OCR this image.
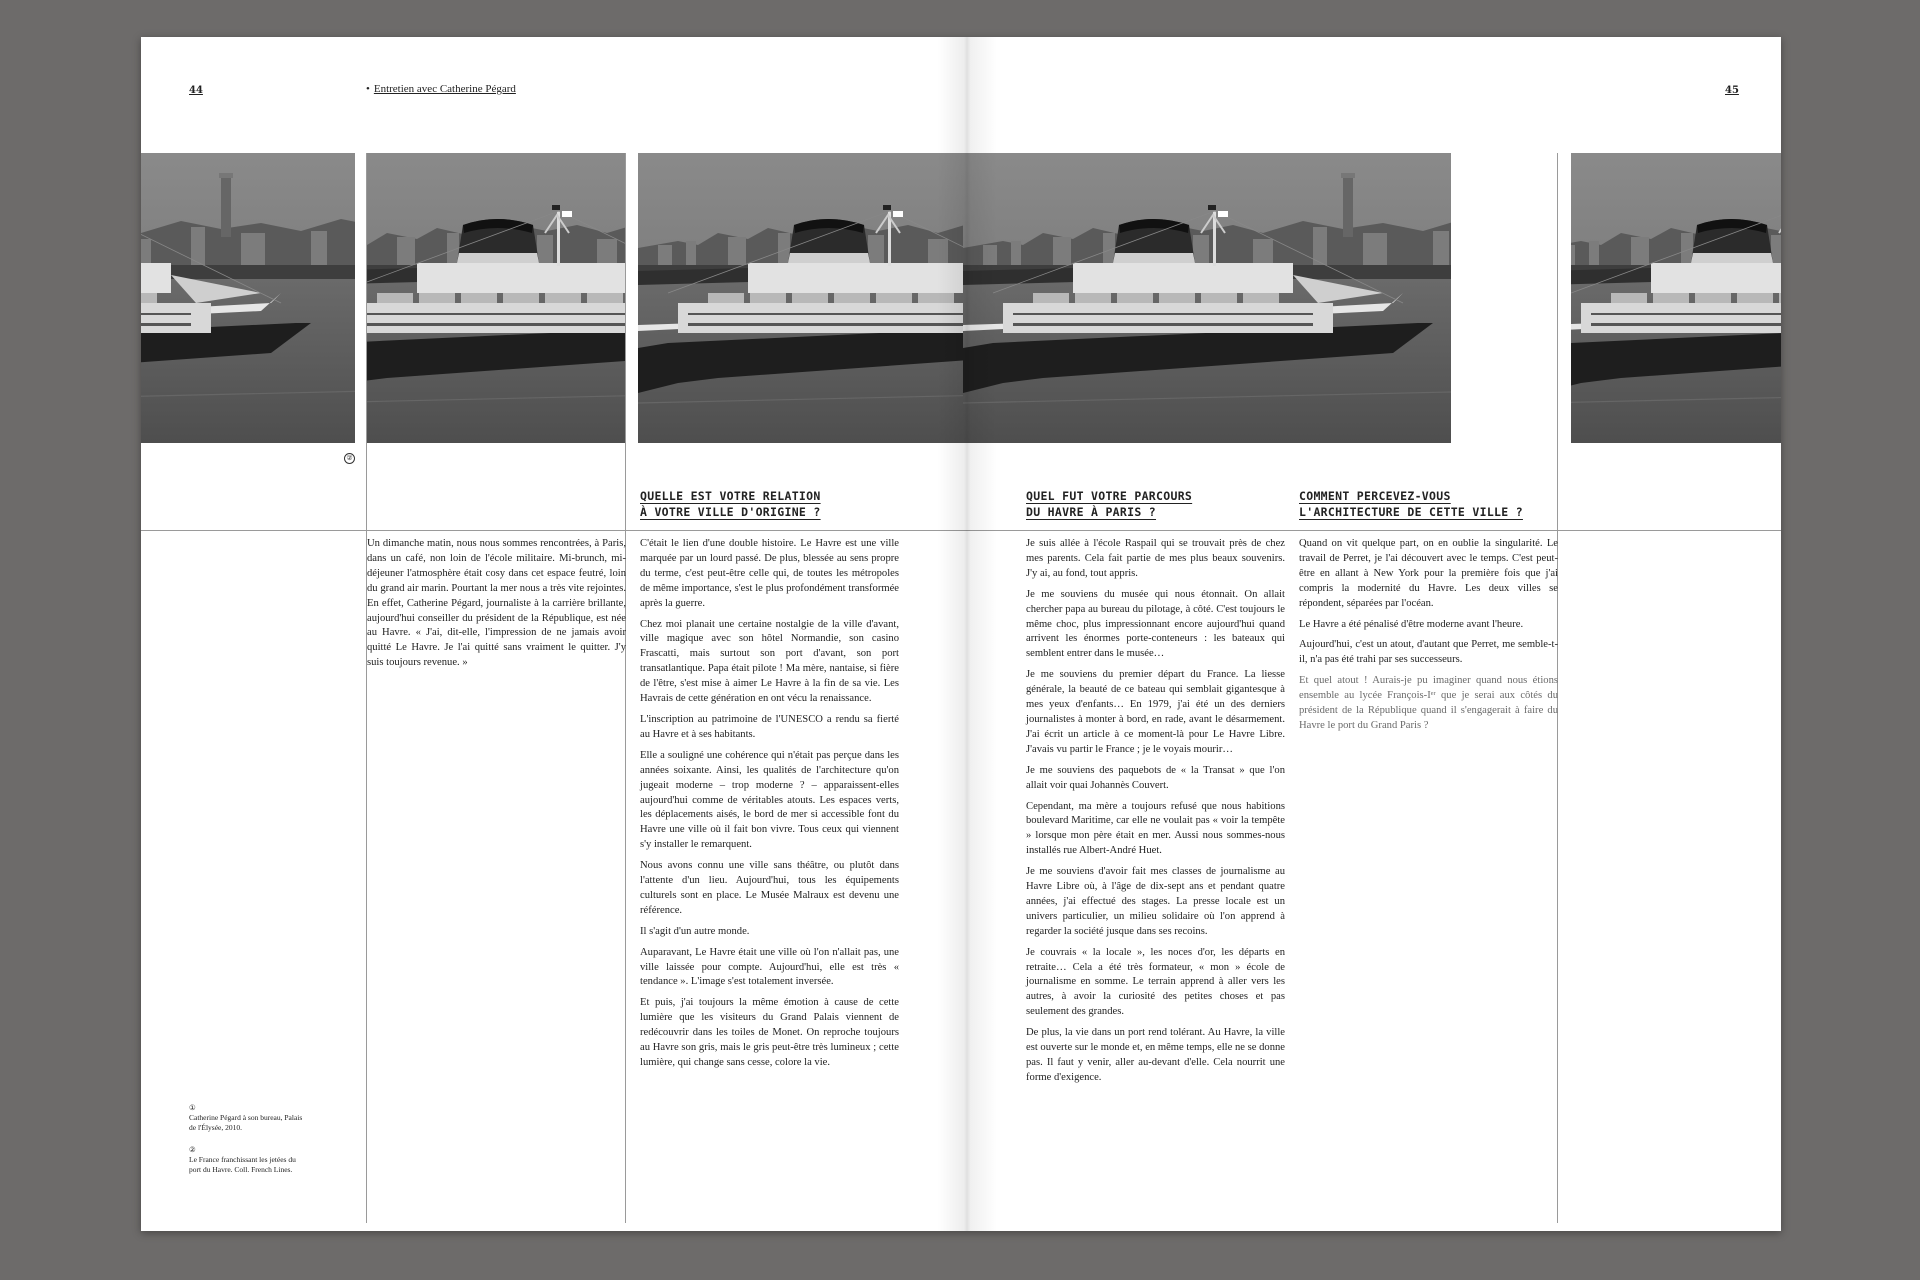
44	• Entretien avec Catherine Pégard	45
②
QUELLE EST VOTRE RELATION
À VOTRE VILLE D'ORIGINE ?
QUEL FUT VOTRE PARCOURS
DU HAVRE À PARIS ?
COMMENT PERCEVEZ-VOUS
L'ARCHITECTURE DE CETTE VILLE ?

Un dimanche matin, nous nous sommes rencontrées, à Paris, dans un café, non loin de l'école militaire. Mi-brunch, mi-déjeuner l'atmosphère était cosy dans cet espace feutré, loin du grand air marin. Pourtant la mer nous a très vite rejointes. En effet, Catherine Pégard, journaliste à la carrière brillante, aujourd'hui conseiller du président de la République, est née au Havre. « J'ai, dit-elle, l'impression de ne jamais avoir quitté Le Havre. Je l'ai quitté sans vraiment le quitter. J'y suis toujours revenue. »

C'était le lien d'une double histoire. Le Havre est une ville marquée par un lourd passé. De plus, blessée au sens propre du terme, c'est peut-être celle qui, de toutes les métropoles de même importance, s'est le plus profondément transformée après la guerre.

Chez moi planait une certaine nostalgie de la ville d'avant, ville magique avec son hôtel Normandie, son casino Frascatti, mais surtout son port d'avant, son port transatlantique. Papa était pilote ! Ma mère, nantaise, si fière de l'être, s'est mise à aimer Le Havre à la fin de sa vie. Les Havrais de cette génération en ont vécu la renaissance.

L'inscription au patrimoine de l'UNESCO a rendu sa fierté au Havre et à ses habitants.

Elle a souligné une cohérence qui n'était pas perçue dans les années soixante. Ainsi, les qualités de l'architecture qu'on jugeait moderne – trop moderne ? – apparaissent-elles aujourd'hui comme de véritables atouts. Les espaces verts, les déplacements aisés, le bord de mer si accessible font du Havre une ville où il fait bon vivre. Tous ceux qui viennent s'y installer le remarquent.

Nous avons connu une ville sans théâtre, ou plutôt dans l'attente d'un lieu. Aujourd'hui, tous les équipements culturels sont en place. Le Musée Malraux est devenu une référence.

Il s'agit d'un autre monde.

Auparavant, Le Havre était une ville où l'on n'allait pas, une ville laissée pour compte. Aujourd'hui, elle est très « tendance ». L'image s'est totalement inversée.

Et puis, j'ai toujours la même émotion à cause de cette lumière que les visiteurs du Grand Palais viennent de redécouvrir dans les toiles de Monet. On reproche toujours au Havre son gris, mais le gris peut-être très lumineux ; cette lumière, qui change sans cesse, colore la vie.

Je suis allée à l'école Raspail qui se trouvait près de chez mes parents. Cela fait partie de mes plus beaux souvenirs. J'y ai, au fond, tout appris.

Je me souviens du musée qui nous étonnait. On allait chercher papa au bureau du pilotage, à côté. C'est toujours le même choc, plus impressionnant encore aujourd'hui quand arrivent les énormes porte-conteneurs : les bateaux qui semblent entrer dans le musée…

Je me souviens du premier départ du France. La liesse générale, la beauté de ce bateau qui semblait gigantesque à mes yeux d'enfants… En 1979, j'ai été un des derniers journalistes à monter à bord, en rade, avant le désarmement. J'ai écrit un article à ce moment-là pour Le Havre Libre. J'avais vu partir le France ; je le voyais mourir…

Je me souviens des paquebots de « la Transat » que l'on allait voir quai Johannès Couvert.

Cependant, ma mère a toujours refusé que nous habitions boulevard Maritime, car elle ne voulait pas « voir la tempête » lorsque mon père était en mer. Aussi nous sommes-nous installés rue Albert-André Huet.

Je me souviens d'avoir fait mes classes de journalisme au Havre Libre où, à l'âge de dix-sept ans et pendant quatre années, j'ai effectué des stages. La presse locale est un univers particulier, un milieu solidaire où l'on apprend à regarder la société jusque dans ses recoins.

Je couvrais « la locale », les noces d'or, les départs en retraite… Cela a été très formateur, « mon » école de journalisme en somme. Le terrain apprend à aller vers les autres, à avoir la curiosité des petites choses et pas seulement des grandes.

De plus, la vie dans un port rend tolérant. Au Havre, la ville est ouverte sur le monde et, en même temps, elle ne se donne pas. Il faut y venir, aller au-devant d'elle. Cela nourrit une forme d'exigence.

Quand on vit quelque part, on en oublie la singularité. Le travail de Perret, je l'ai découvert avec le temps. C'est peut-être en allant à New York pour la première fois que j'ai compris la modernité du Havre. Les deux villes se répondent, séparées par l'océan.

Le Havre a été pénalisé d'être moderne avant l'heure.

Aujourd'hui, c'est un atout, d'autant que Perret, me semble-t-il, n'a pas été trahi par ses successeurs.

Et quel atout ! Aurais-je pu imaginer quand nous étions ensemble au lycée François-Iᵉʳ que je serai aux côtés du président de la République quand il s'engagerait à faire du Havre le port du Grand Paris ?

①
Catherine Pégard à son bureau, Palais de l'Élysée, 2010.
②
Le France franchissant les jetées du port du Havre. Coll. French Lines.
